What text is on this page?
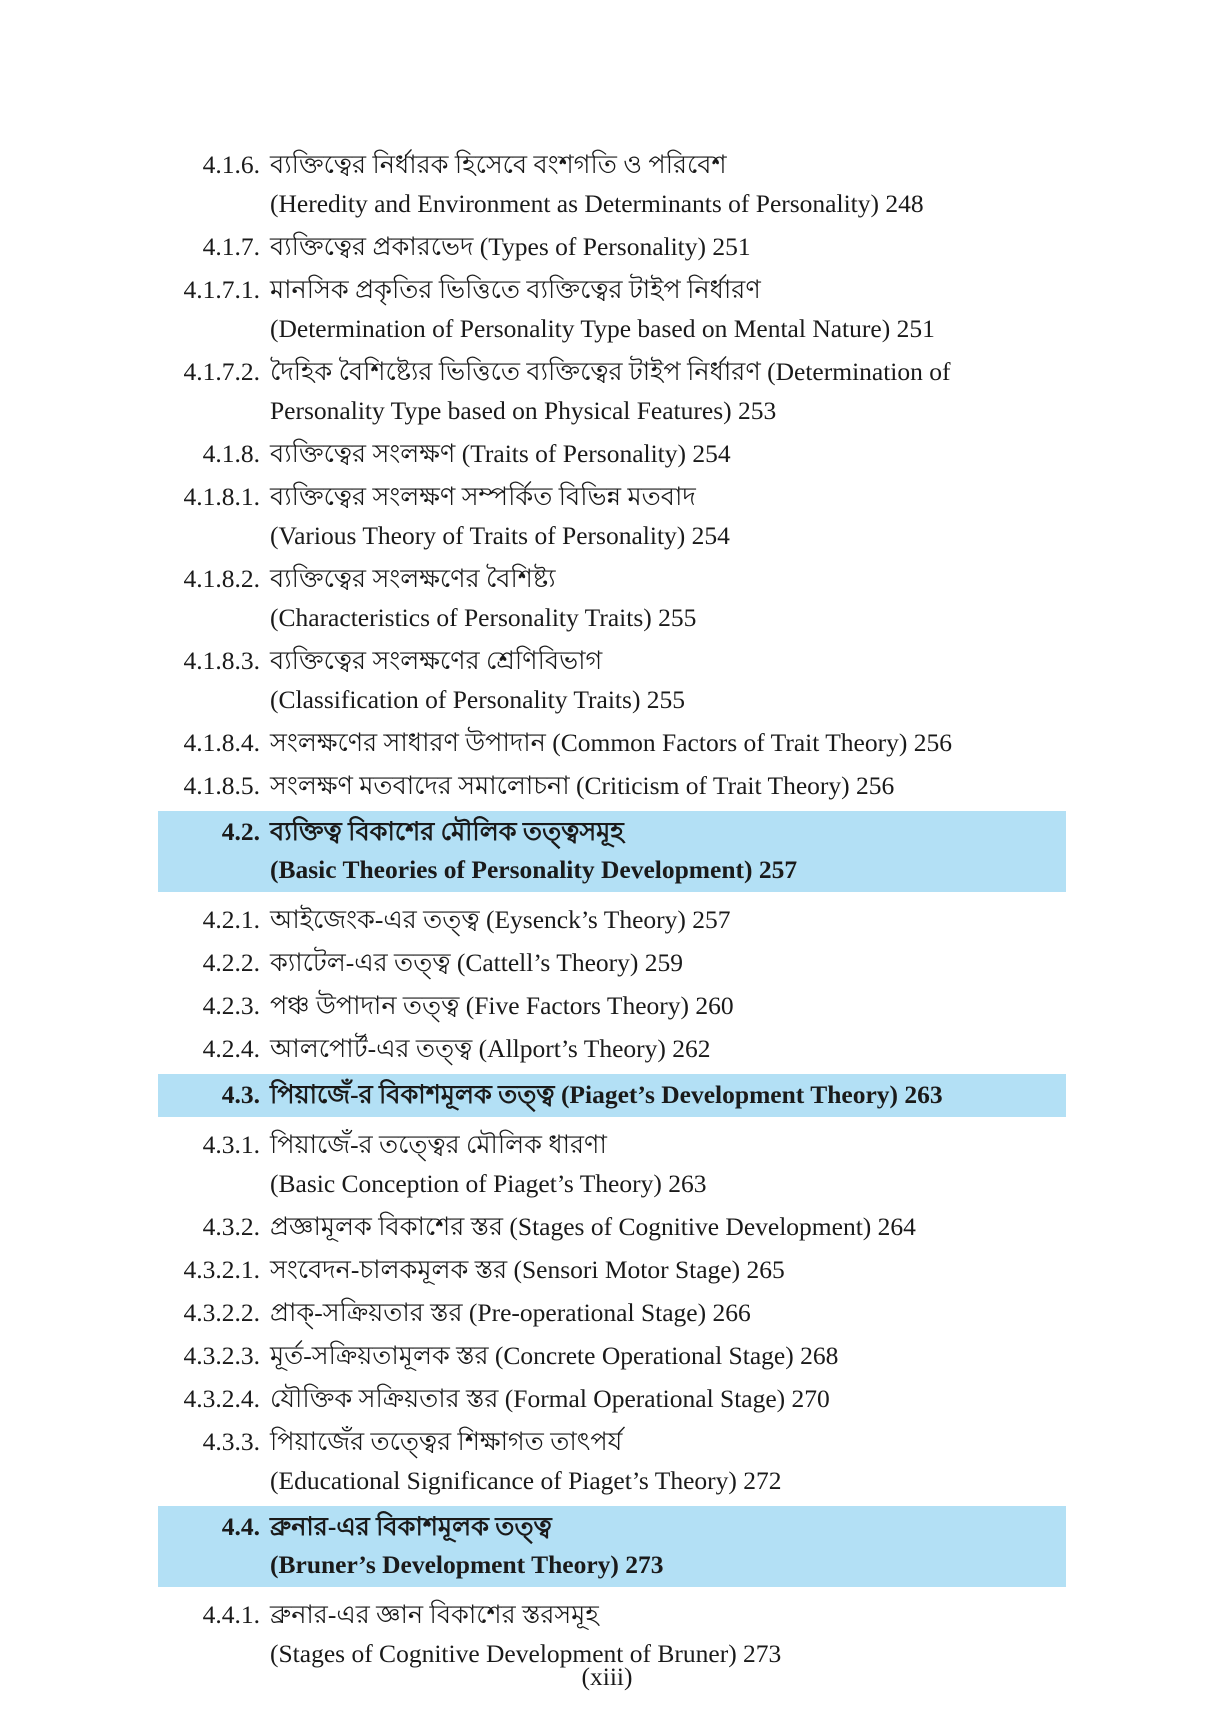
4.1.6. ব্যক্তিত্বের নির্ধারক হিসেবে বংশগতি ও পরিবেশ
(Heredity and Environment as Determinants of Personality) 248
4.1.7. ব্যক্তিত্বের প্রকারভেদ (Types of Personality) 251
4.1.7.1. মানসিক প্রকৃতির ভিত্তিতে ব্যক্তিত্বের টাইপ নির্ধারণ
(Determination of Personality Type based on Mental Nature) 251
4.1.7.2. দৈহিক বৈশিষ্ট্যের ভিত্তিতে ব্যক্তিত্বের টাইপ নির্ধারণ (Determination of
Personality Type based on Physical Features) 253
4.1.8. ব্যক্তিত্বের সংলক্ষণ (Traits of Personality) 254
4.1.8.1. ব্যক্তিত্বের সংলক্ষণ সম্পর্কিত বিভিন্ন মতবাদ
(Various Theory of Traits of Personality) 254
4.1.8.2. ব্যক্তিত্বের সংলক্ষণের বৈশিষ্ট্য
(Characteristics of Personality Traits) 255
4.1.8.3. ব্যক্তিত্বের সংলক্ষণের শ্রেণিবিভাগ
(Classification of Personality Traits) 255
4.1.8.4. সংলক্ষণের সাধারণ উপাদান (Common Factors of Trait Theory) 256
4.1.8.5. সংলক্ষণ মতবাদের সমালোচনা (Criticism of Trait Theory) 256
4.2. ব্যক্তিত্ব বিকাশের মৌলিক তত্ত্বসমূহ
(Basic Theories of Personality Development) 257
4.2.1. আইজেংক-এর তত্ত্ব (Eysenck’s Theory) 257
4.2.2. ক্যাটেল-এর তত্ত্ব (Cattell’s Theory) 259
4.2.3. পঞ্চ উপাদান তত্ত্ব (Five Factors Theory) 260
4.2.4. আলপোর্ট-এর তত্ত্ব (Allport’s Theory) 262
4.3. পিয়াজেঁ-র বিকাশমূলক তত্ত্ব (Piaget’s Development Theory) 263
4.3.1. পিয়াজেঁ-র তত্ত্বের মৌলিক ধারণা
(Basic Conception of Piaget’s Theory) 263
4.3.2. প্রজ্ঞামূলক বিকাশের স্তর (Stages of Cognitive Development) 264
4.3.2.1. সংবেদন-চালকমূলক স্তর (Sensori Motor Stage) 265
4.3.2.2. প্রাক্-সক্রিয়তার স্তর (Pre-operational Stage) 266
4.3.2.3. মূর্ত-সক্রিয়তামূলক স্তর (Concrete Operational Stage) 268
4.3.2.4. যৌক্তিক সক্রিয়তার স্তর (Formal Operational Stage) 270
4.3.3. পিয়াজেঁর তত্ত্বের শিক্ষাগত তাৎপর্য
(Educational Significance of Piaget’s Theory) 272
4.4. ব্রুনার-এর বিকাশমূলক তত্ত্ব
(Bruner’s Development Theory) 273
4.4.1. ব্রুনার-এর জ্ঞান বিকাশের স্তরসমূহ
(Stages of Cognitive Development of Bruner) 273
(xiii)
